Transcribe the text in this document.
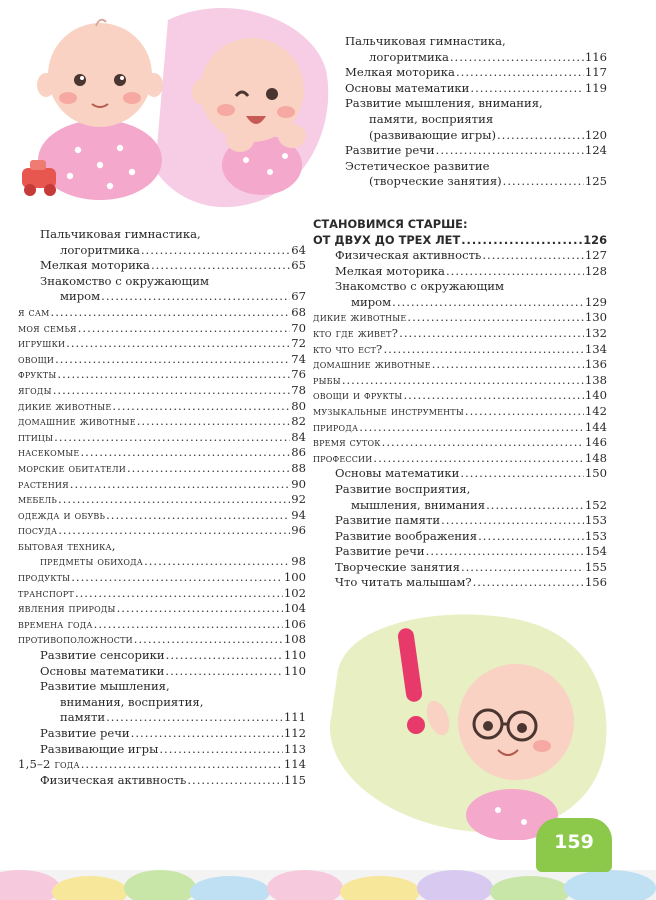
Пальчиковая гимнастика,
логоритмика .....	116
Мелкая моторика .....	117
Основы математики .....	119
Развитие мышления, внимания,
памяти, восприятия
(развивающие игры) .....	120
Развитие речи .....	124
Эстетическое развитие
(творческие занятия) .....	125
Пальчиковая гимнастика,
логоритмика .....	64
Мелкая моторика .....	65
Знакомство с окружающим
миром .....	67
я сам .....	68
моя семья .....	70
игрушки .....	72
овощи .....	74
фрукты .....	76
ягоды .....	78
дикие животные .....	80
домашние животные .....	82
птицы .....	84
насекомые .....	86
морские обитатели .....	88
растения .....	90
мебель .....	92
одежда и обувь .....	94
посуда .....	96
бытовая техника,
предметы обихода .....	98
продукты .....	100
транспорт .....	102
явления природы .....	104
времена года .....	106
противоположности .....	108
Развитие сенсорики .....	110
Основы математики .....	110
Развитие мышления,
внимания, восприятия,
памяти .....	111
Развитие речи .....	112
Развивающие игры .....	113
1,5–2 года .....	114
Физическая активность .....	115
СТАНОВИМСЯ СТАРШЕ:
ОТ ДВУХ ДО ТРЕХ ЛЕТ .....	126
Физическая активность .....	127
Мелкая моторика .....	128
Знакомство с окружающим
миром .....	129
дикие животные .....	130
кто где живет? .....	132
кто что ест? .....	134
домашние животные .....	136
рыбы .....	138
овощи и фрукты .....	140
музыкальные инструменты .....	142
природа .....	144
время суток .....	146
профессии .....	148
Основы математики .....	150
Развитие восприятия,
мышления, внимания .....	152
Развитие памяти .....	153
Развитие воображения .....	153
Развитие речи .....	154
Творческие занятия .....	155
Что читать малышам? .....	156
159
